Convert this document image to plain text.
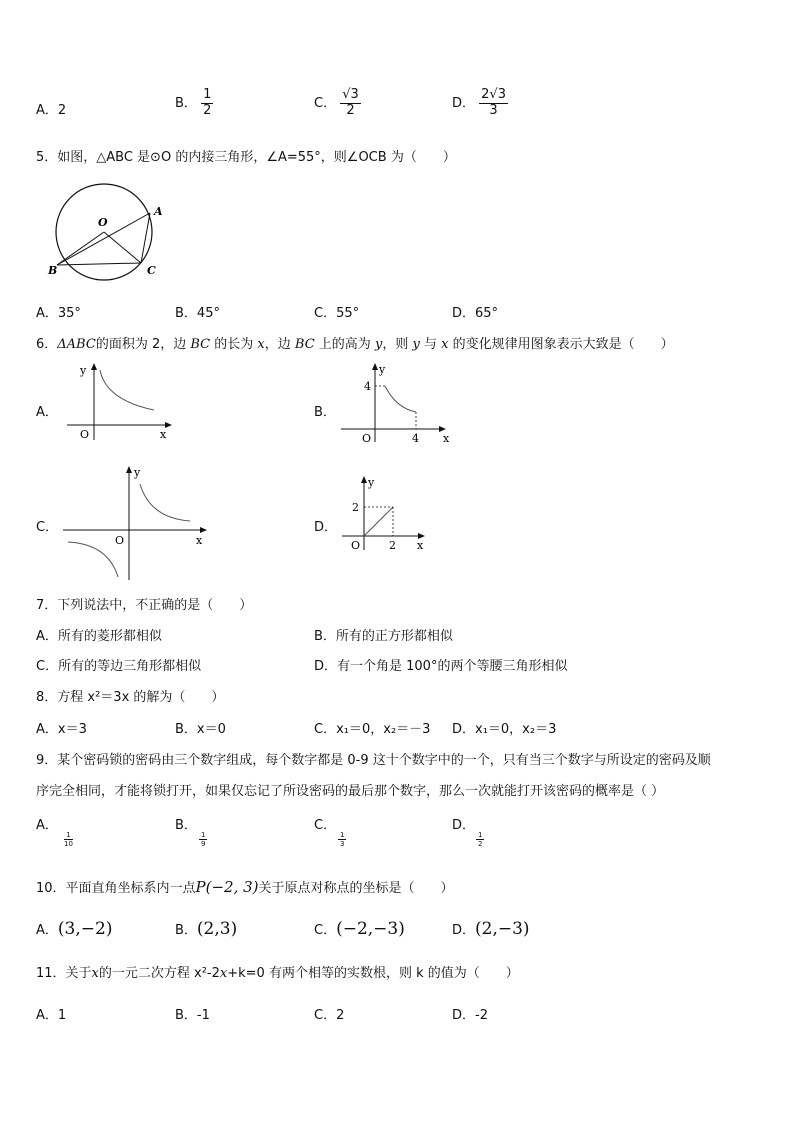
A．2	B． $\frac{1}{2}$	C． $\frac{√3}{2}$	D． $\frac{2√3}{3}$
5．如图，△ABC 是⊙O 的内接三角形，∠A=55°，则∠OCB 为（　　）
O
A
B	C
A．35°	B．45°	C．55°	D．65°
6．ΔABC的面积为 2，边 BC 的长为 x，边 BC 上的高为 y，则 y 与 x 的变化规律用图象表示大致是（　　）
A．
y
x
O
B．
4
4
y
x
O
C．
y
x
O
D．
2
2
y
x
O
7．下列说法中，不正确的是（　　）
A．所有的菱形都相似	B．所有的正方形都相似
C．所有的等边三角形都相似	D．有一个角是 100°的两个等腰三角形相似
8．方程 x²＝3x 的解为（　　）
A．x＝3	B．x＝0	C．x₁＝0，x₂＝－3 D．x₁＝0，x₂＝3
9．某个密码锁的密码由三个数字组成，每个数字都是 0-9 这十个数字中的一个，只有当三个数字与所设定的密码及顺
序完全相同，才能将锁打开，如果仅忘记了所设密码的最后那个数字，那么一次就能打开该密码的概率是（ ）
A．
$\frac{1}{10}$
B．
$\frac{1}{9}$
C．
$\frac{1}{3}$
D．
$\frac{1}{2}$
10．平面直角坐标系内一点P(−2, 3)关于原点对称点的坐标是（　　）
A．(3,−2)	B．(2,3)	C．(−2,−3)	D．(2,−3)
11．关于x的一元二次方程 x²-2x+k=0 有两个相等的实数根，则 k 的值为（　　）
A．1	B．-1	C．2	D．-2
